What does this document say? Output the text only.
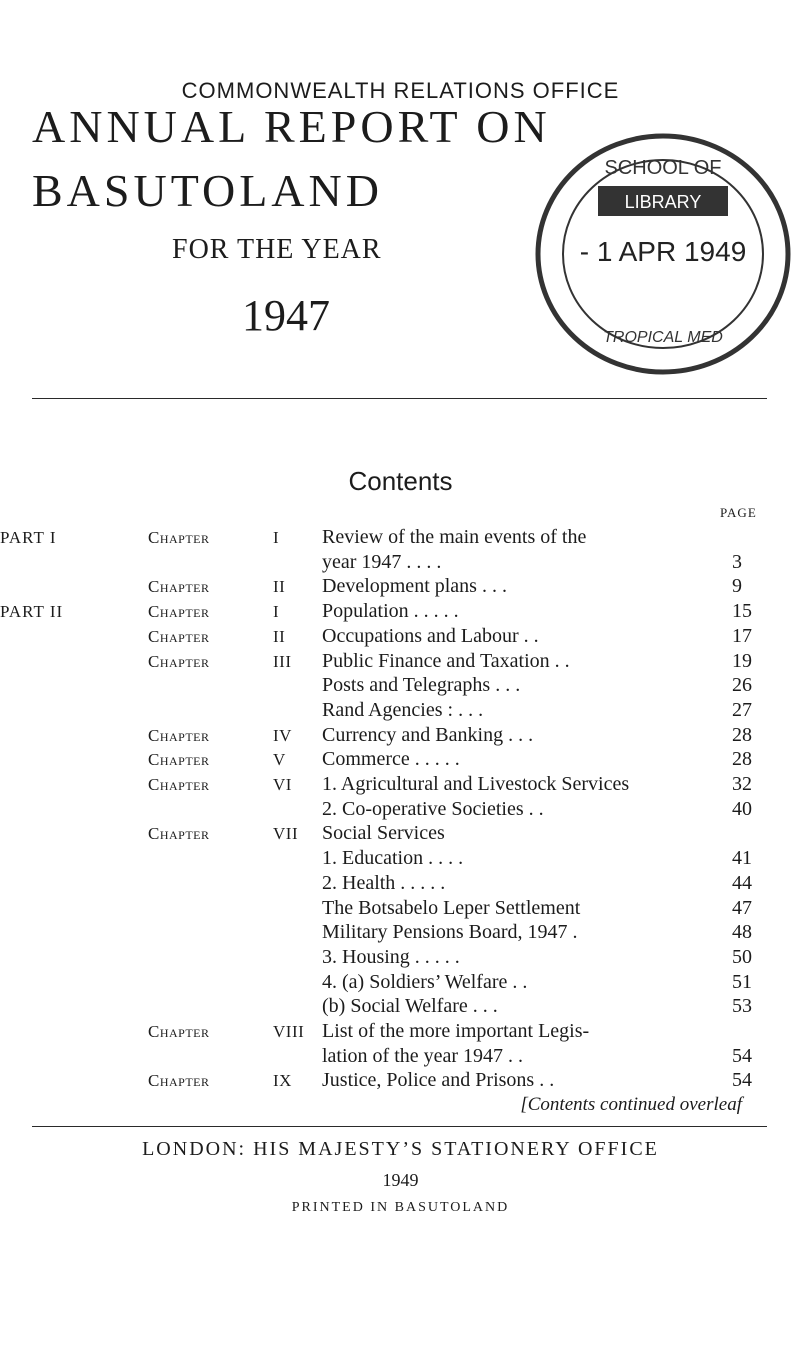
COMMONWEALTH RELATIONS OFFICE
ANNUAL REPORT ON
BASUTOLAND
FOR THE YEAR
1947
SCHOOL OF
LIBRARY
- 1 APR 1949
TROPICAL MED
Contents
PAGE
PART I	Chapter	I Review of the main events of the
year 1947 . . . .	3
Chapter	II Development plans . . .	9
PART II	Chapter	I Population . . . . .	15
Chapter	II Occupations and Labour . .	17
Chapter	III Public Finance and Taxation . .	19
Posts and Telegraphs . . .	26
Rand Agencies : . . .	27
Chapter	IV Currency and Banking . . .	28
Chapter	V Commerce . . . . .	28
Chapter	VI 1. Agricultural and Livestock Services	32
2. Co-operative Societies . .	40
Chapter	VII Social Services
1. Education . . . .	41
2. Health . . . . .	44
The Botsabelo Leper Settlement	47
Military Pensions Board, 1947 .	48
3. Housing . . . . .	50
4. (a) Soldiers’ Welfare . .	51
(b) Social Welfare . . .	53
Chapter	VIII List of the more important Legis-
lation of the year 1947 . .	54
Chapter	IX Justice, Police and Prisons . .	54
[Contents continued overleaf
LONDON: HIS MAJESTY’S STATIONERY OFFICE
1949
PRINTED IN BASUTOLAND
